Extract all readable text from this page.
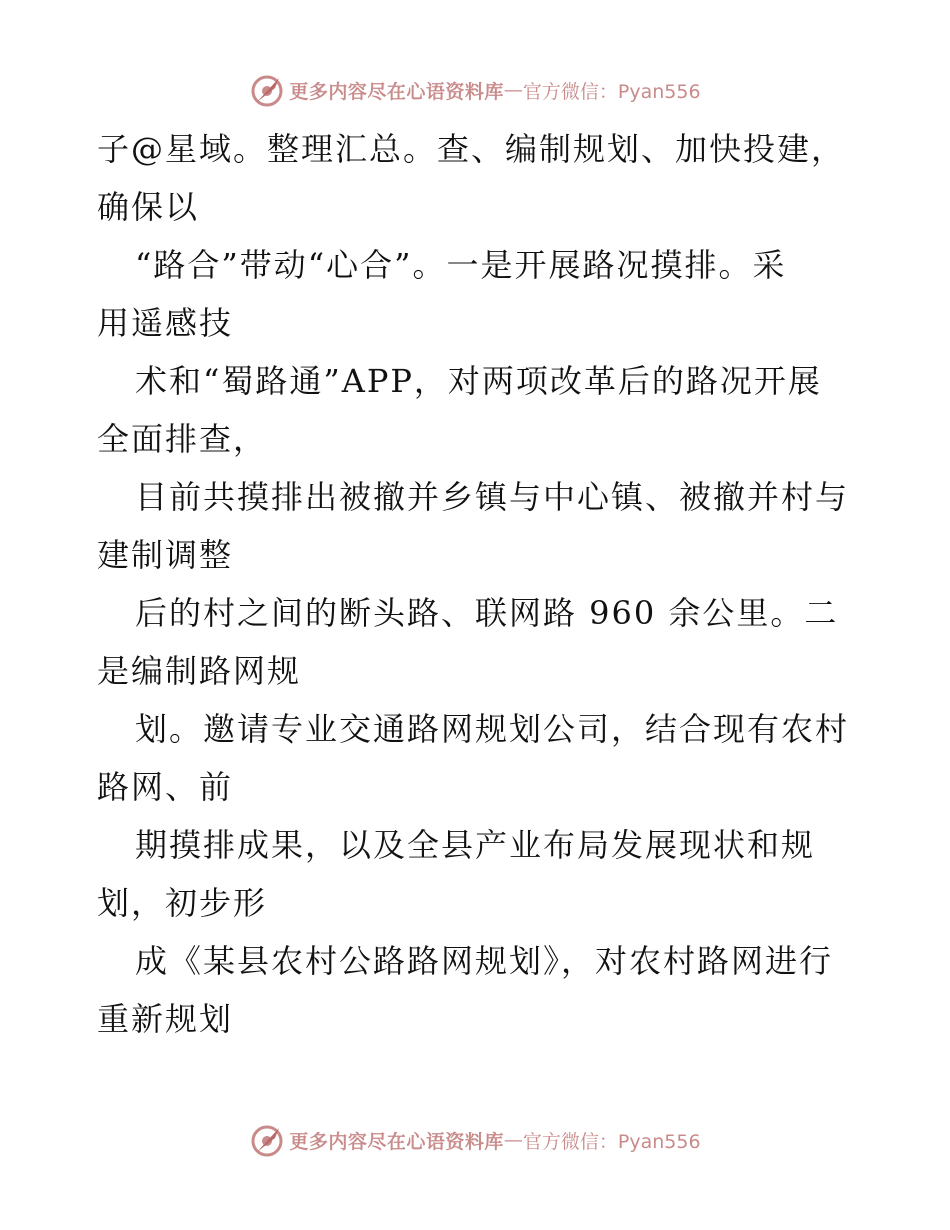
更多内容尽在心语资料库 — 官方微信：Pyan556
子@星域。整理汇总。查、编制规划、加快投建，
确保以
“路合”带动“心合”。一是开展路况摸排。采
用遥感技
术和“蜀路通”APP，对两项改革后的路况开展
全面排查，
目前共摸排出被撤并乡镇与中心镇、被撤并村与
建制调整
后的村之间的断头路、联网路 960 余公里。二
是编制路网规
划。邀请专业交通路网规划公司，结合现有农村
路网、前
期摸排成果，以及全县产业布局发展现状和规
划，初步形
成《某县农村公路路网规划》，对农村路网进行
重新规划
更多内容尽在心语资料库 — 官方微信：Pyan556
